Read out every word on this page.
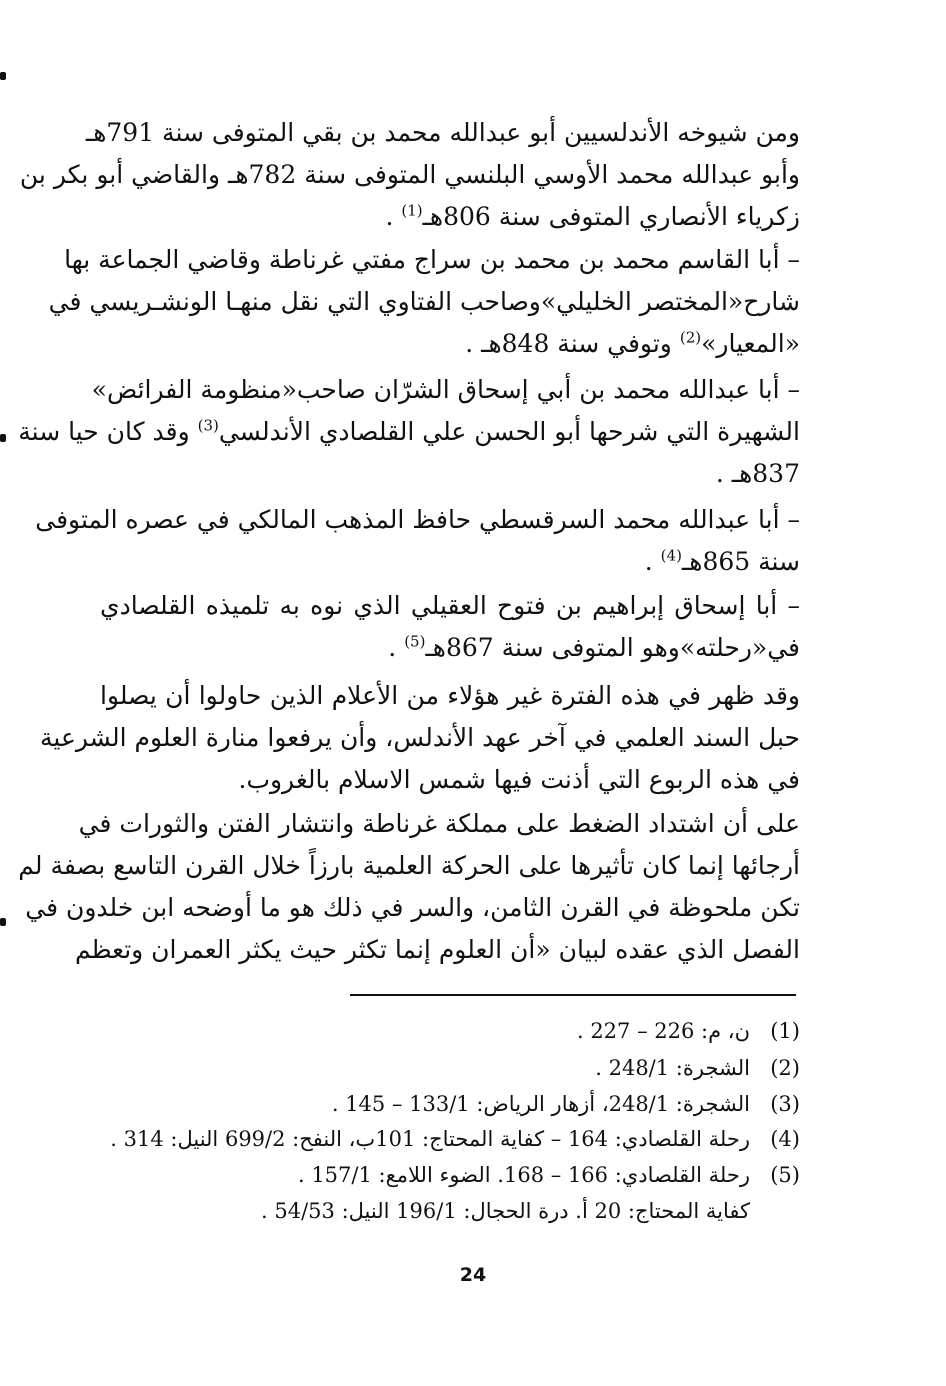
ومن شيوخه الأندلسيين أبو عبدالله محمد بن بقي المتوفى سنة 791هـ
وأبو عبدالله محمد الأوسي البلنسي المتوفى سنة 782هـ والقاضي أبو بكر بن
زكرياء الأنصاري المتوفى سنة 806هـ$^{(1)}$ .
– أبا القاسم محمد بن محمد بن سراج مفتي غرناطة وقاضي الجماعة بها
شارح«المختصر الخليلي»وصاحب الفتاوي التي نقل منهـا الونشـريسي في
«المعيار»$^{(2)}$ وتوفي سنة 848هـ .
– أبا عبدالله محمد بن أبي إسحاق الشرّان صاحب«منظومة الفرائض»
الشهيرة التي شرحها أبو الحسن علي القلصادي الأندلسي$^{(3)}$ وقد كان حيا سنة
837هـ .
– أبا عبدالله محمد السرقسطي حافظ المذهب المالكي في عصره المتوفى
سنة 865هـ$^{(4)}$ .
– أبا إسحاق إبراهيم بن فتوح العقيلي الذي نوه به تلميذه القلصادي
في«رحلته»وهو المتوفى سنة 867هـ$^{(5)}$ .
وقد ظهر في هذه الفترة غير هؤلاء من الأعلام الذين حاولوا أن يصلوا
حبل السند العلمي في آخر عهد الأندلس، وأن يرفعوا منارة العلوم الشرعية
في هذه الربوع التي أذنت فيها شمس الاسلام بالغروب.
على أن اشتداد الضغط على مملكة غرناطة وانتشار الفتن والثورات في
أرجائها إنما كان تأثيرها على الحركة العلمية بارزاً خلال القرن التاسع بصفة لم
تكن ملحوظة في القرن الثامن، والسر في ذلك هو ما أوضحه ابن خلدون في
الفصل الذي عقده لبيان «أن العلوم إنما تكثر حيث يكثر العمران وتعظم
(1)ن، م: 226 – 227 .
(2)الشجرة: 248/1 .
(3)الشجرة: 248/1، أزهار الرياض: 133/1 – 145 .
(4)رحلة القلصادي: 164 – كفاية المحتاج: 101ب، النفح: 699/2 النيل: 314 .
(5)رحلة القلصادي: 166 – 168. الضوء اللامع: 157/1 .
كفاية المحتاج: 20 أ. درة الحجال: 196/1 النيل: 54/53 .
24
